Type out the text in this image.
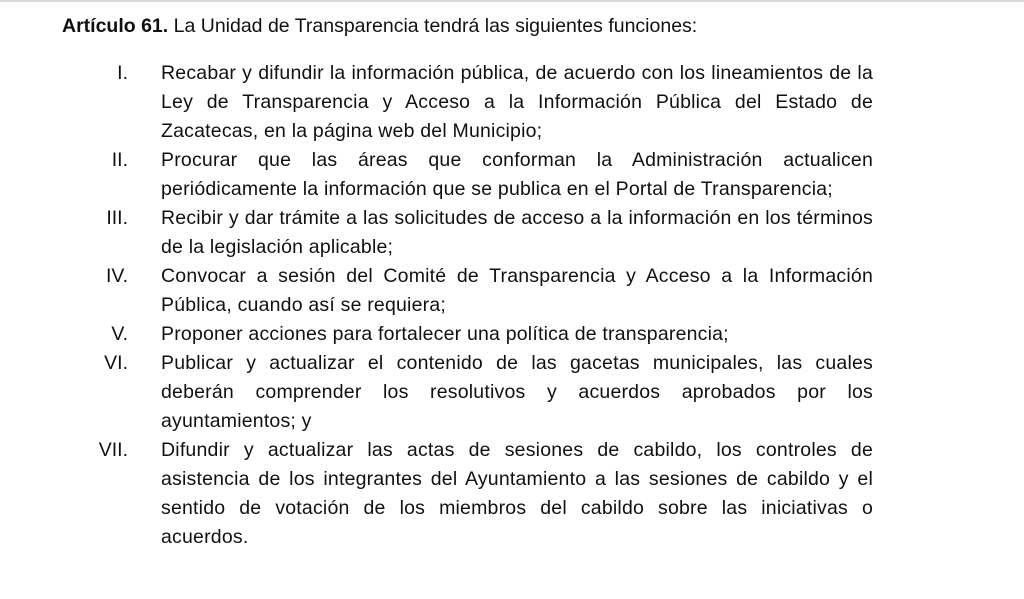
Artículo 61. La Unidad de Transparencia tendrá las siguientes funciones:
I. Recabar y difundir la información pública, de acuerdo con los lineamientos de la Ley de Transparencia y Acceso a la Información Pública del Estado de Zacatecas, en la página web del Municipio;
II. Procurar que las áreas que conforman la Administración actualicen periódicamente la información que se publica en el Portal de Transparencia;
III. Recibir y dar trámite a las solicitudes de acceso a la información en los términos de la legislación aplicable;
IV. Convocar a sesión del Comité de Transparencia y Acceso a la Información Pública, cuando así se requiera;
V. Proponer acciones para fortalecer una política de transparencia;
VI. Publicar y actualizar el contenido de las gacetas municipales, las cuales deberán comprender los resolutivos y acuerdos aprobados por los ayuntamientos; y
VII. Difundir y actualizar las actas de sesiones de cabildo, los controles de asistencia de los integrantes del Ayuntamiento a las sesiones de cabildo y el sentido de votación de los miembros del cabildo sobre las iniciativas o acuerdos.
